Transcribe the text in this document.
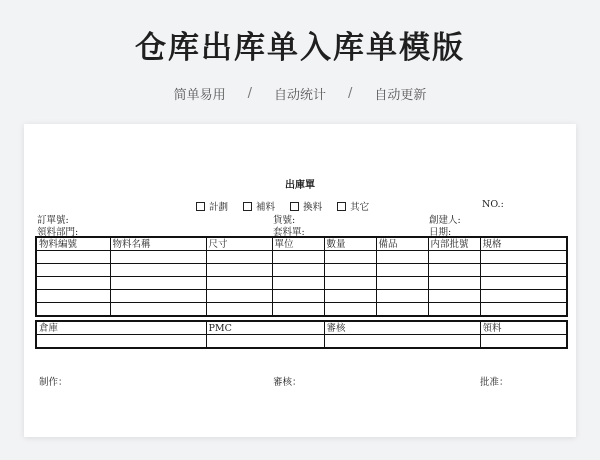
仓库出库单入库单模版
简单易用 / 自动统计 / 自动更新
出庫單
計劃	補料	換料	其它	NO.:
訂單號:
領料部門:
貨號:
套料單:
創建人:
日期:
物料編號	物料名稱	尺寸	單位	數量	備品	内部批號	規格

倉庫	PMC	審核	領料

制作：	審核：	批准：
